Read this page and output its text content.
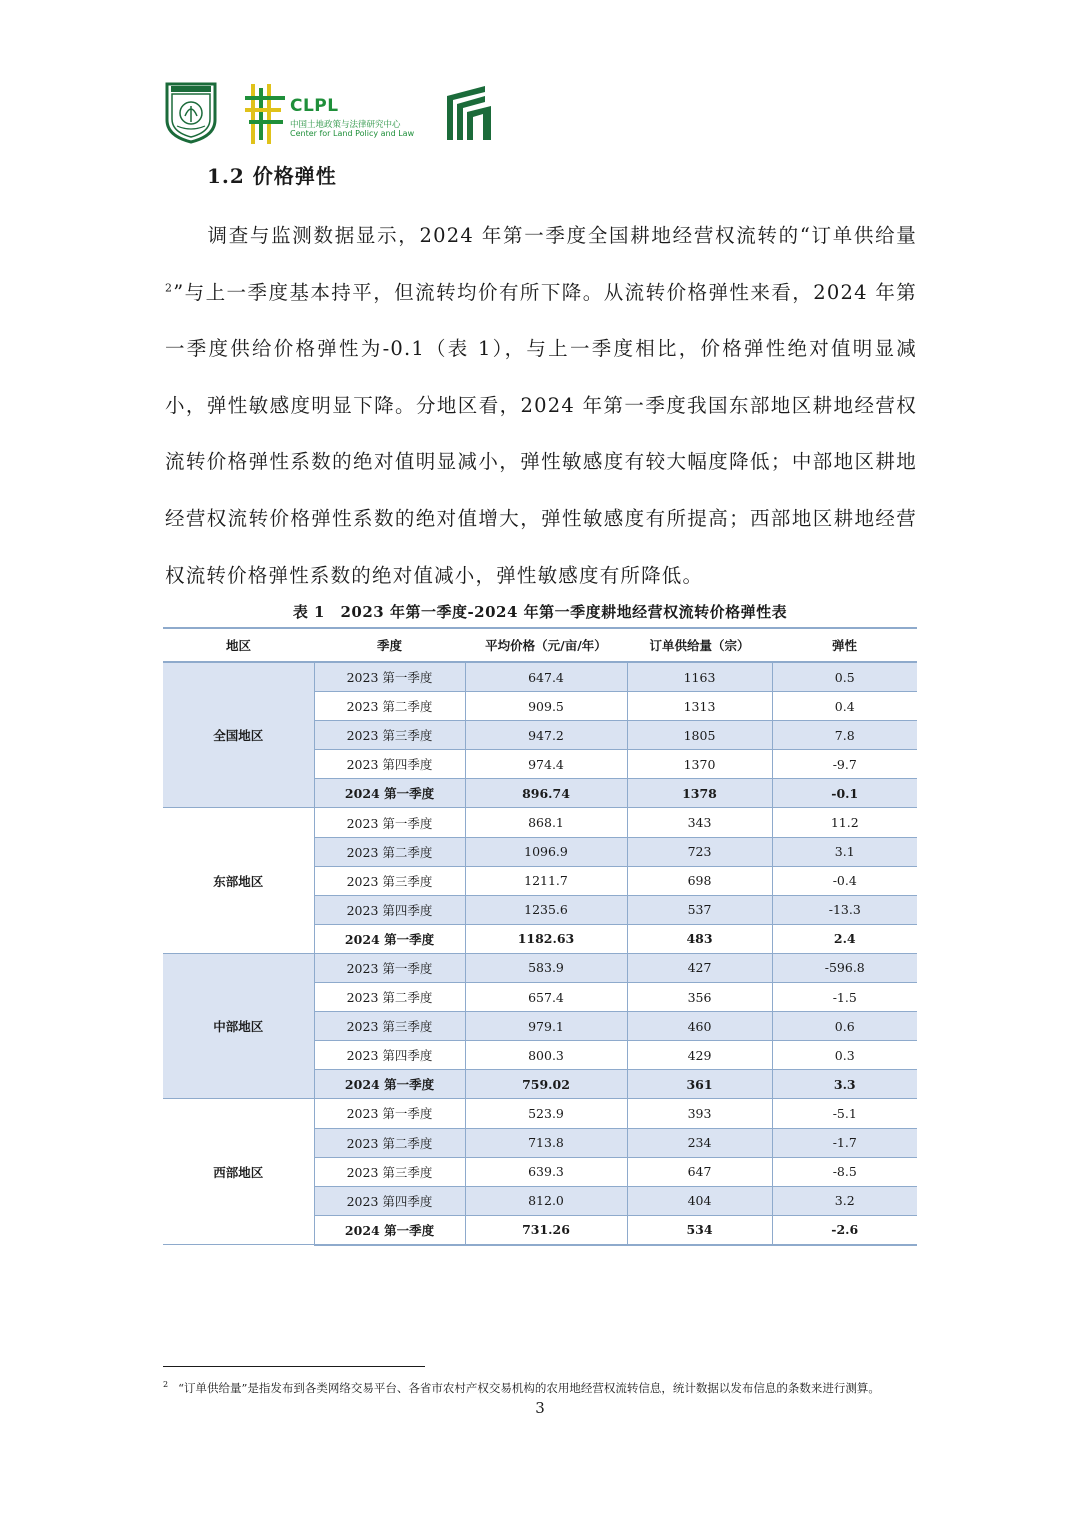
CLPL
中国土地政策与法律研究中心
Center for Land Policy and Law
1.2 价格弹性
调查与监测数据显示，2024 年第一季度全国耕地经营权流转的“订单供给量$^2$”与上一季度基本持平，但流转均价有所下降。从流转价格弹性来看，2024 年第一季度供给价格弹性为-0.1（表 1），与上一季度相比，价格弹性绝对值明显减小，弹性敏感度明显下降。分地区看，2024 年第一季度我国东部地区耕地经营权流转价格弹性系数的绝对值明显减小，弹性敏感度有较大幅度降低；中部地区耕地经营权流转价格弹性系数的绝对值增大，弹性敏感度有所提高；西部地区耕地经营权流转价格弹性系数的绝对值减小，弹性敏感度有所降低。
表 1　2023 年第一季度-2024 年第一季度耕地经营权流转价格弹性表
地区	季度	平均价格（元/亩/年）	订单供给量（宗）	弹性
全国地区	2023 第一季度	647.4	1163	0.5
	2023 第二季度	909.5	1313	0.4
	2023 第三季度	947.2	1805	7.8
	2023 第四季度	974.4	1370	-9.7
	2024 第一季度	896.74	1378	-0.1
东部地区	2023 第一季度	868.1	343	11.2
	2023 第二季度	1096.9	723	3.1
	2023 第三季度	1211.7	698	-0.4
	2023 第四季度	1235.6	537	-13.3
	2024 第一季度	1182.63	483	2.4
中部地区	2023 第一季度	583.9	427	-596.8
	2023 第二季度	657.4	356	-1.5
	2023 第三季度	979.1	460	0.6
	2023 第四季度	800.3	429	0.3
	2024 第一季度	759.02	361	3.3
西部地区	2023 第一季度	523.9	393	-5.1
	2023 第二季度	713.8	234	-1.7
	2023 第三季度	639.3	647	-8.5
	2023 第四季度	812.0	404	3.2
	2024 第一季度	731.26	534	-2.6
$^2$ “订单供给量”是指发布到各类网络交易平台、各省市农村产权交易机构的农用地经营权流转信息，统计数据以发布信息的条数来进行测算。
3
